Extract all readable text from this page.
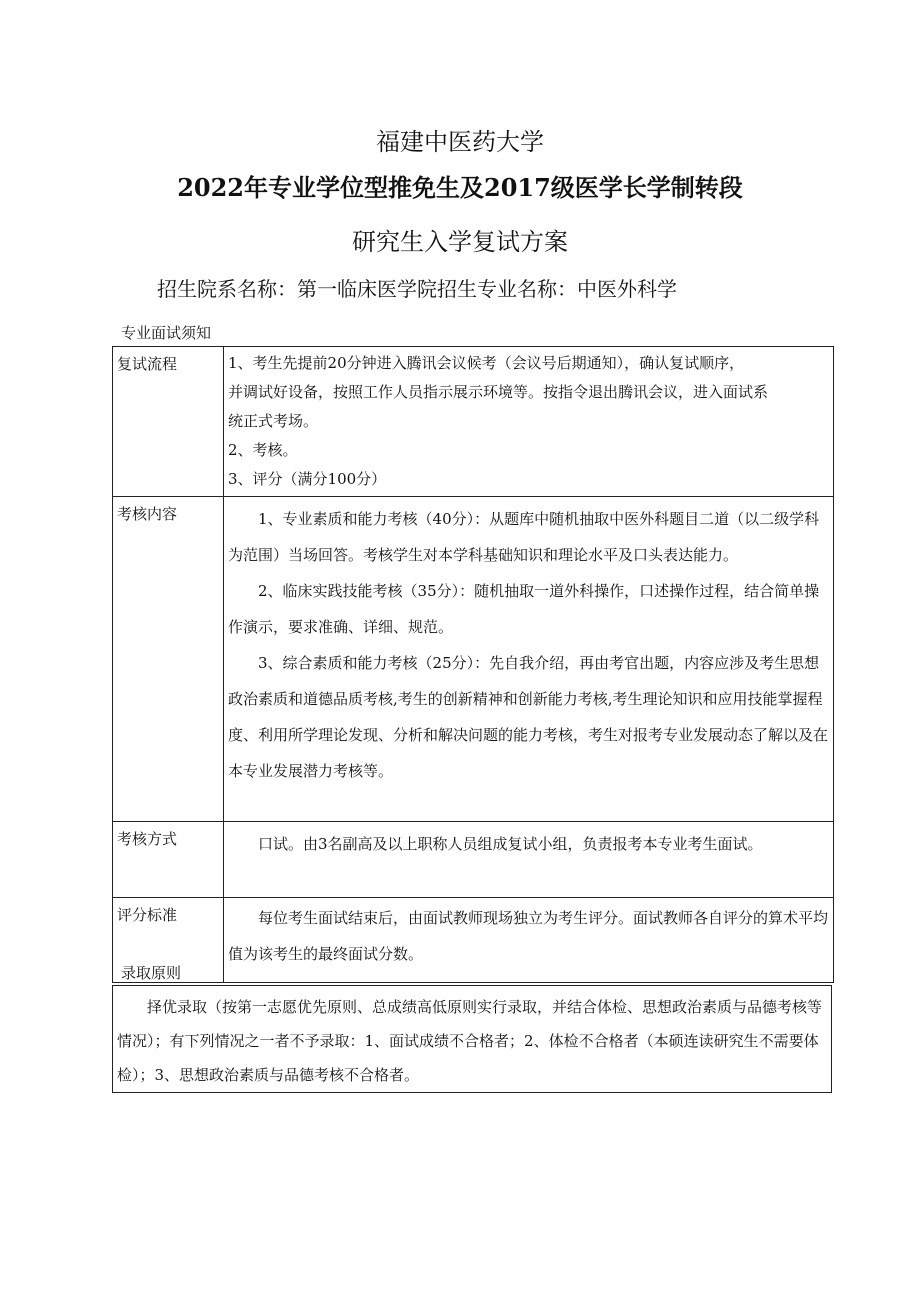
福建中医药大学
2022年专业学位型推免生及2017级医学长学制转段
研究生入学复试方案
招生院系名称：第一临床医学院招生专业名称：中医外科学
专业面试须知
复试流程	1、考生先提前20分钟进入腾讯会议候考（会议号后期通知），确认复试顺序，
并调试好设备，按照工作人员指示展示环境等。按指令退出腾讯会议，进入面试系
统正式考场。
2、考核。
3、评分（满分100分）

考核内容	1、专业素质和能力考核（40分）：从题库中随机抽取中医外科题目二道（以二级学科为范围）当场回答。考核学生对本学科基础知识和理论水平及口头表达能力。

2、临床实践技能考核（35分）：随机抽取一道外科操作，口述操作过程，结合简单操作演示，要求准确、详细、规范。

3、综合素质和能力考核（25分）：先自我介绍，再由考官出题，内容应涉及考生思想政治素质和道德品质考核,考生的创新精神和创新能力考核,考生理论知识和应用技能掌握程度、利用所学理论发现、分析和解决问题的能力考核，考生对报考专业发展动态了解以及在本专业发展潜力考核等。

考核方式	口试。由3名副高及以上职称人员组成复试小组，负责报考本专业考生面试。

评分标准	每位考生面试结束后，由面试教师现场独立为考生评分。面试教师各自评分的算术平均值为该考生的最终面试分数。

录取原则

择优录取（按第一志愿优先原则、总成绩高低原则实行录取，并结合体检、思想政治素质与品德考核等情况）；有下列情况之一者不予录取：1、面试成绩不合格者；2、体检不合格者（本硕连读研究生不需要体检）；3、思想政治素质与品德考核不合格者。
